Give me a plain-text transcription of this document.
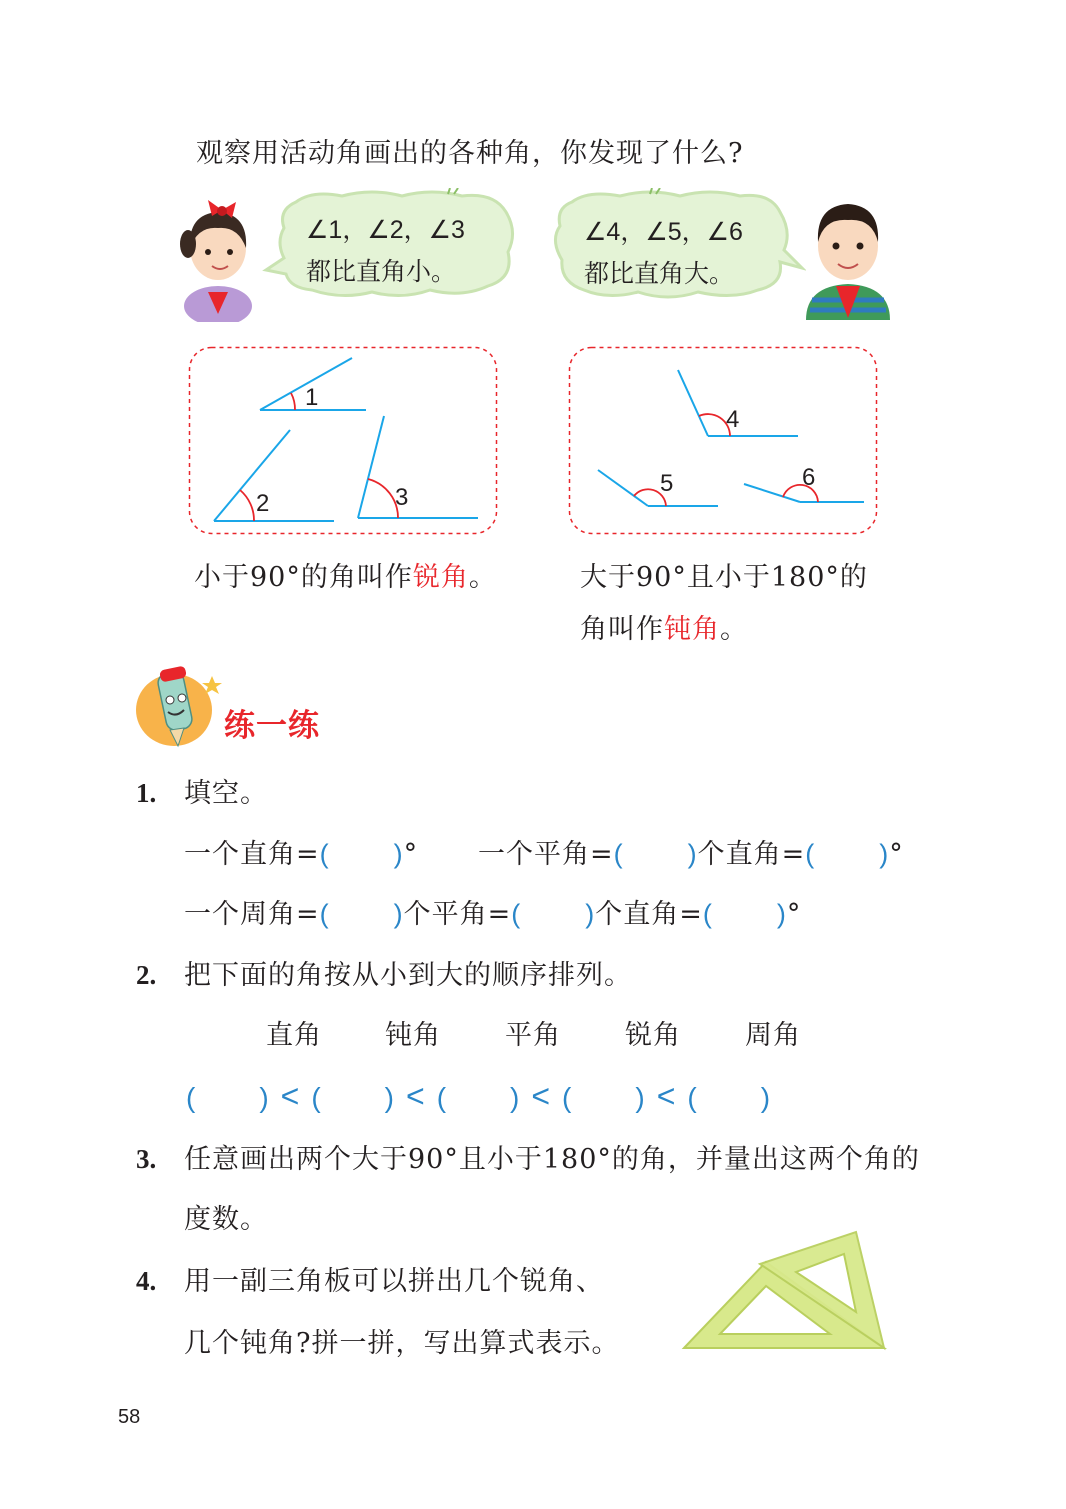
观察用活动角画出的各种角，你发现了什么?
∠1，∠2，∠3
都比直角小。
∠4，∠5，∠6
都比直角大。
1
2	3
4
5	6
小于90°的角叫作锐角。	大于90°且小于180°的
角叫作钝角。
练一练
1. 填空。
一个直角=( )° 一个平角=( )个直角=( )°
一个周角=( )个平角=( )个直角=( )°
2. 把下面的角按从小到大的顺序排列。
直角 钝角 平角 锐角 周角
( ) < ( ) < ( ) < ( ) < ( )
3. 任意画出两个大于90°且小于180°的角，并量出这两个角的
度数。
4. 用一副三角板可以拼出几个锐角、
几个钝角?拼一拼，写出算式表示。
58
